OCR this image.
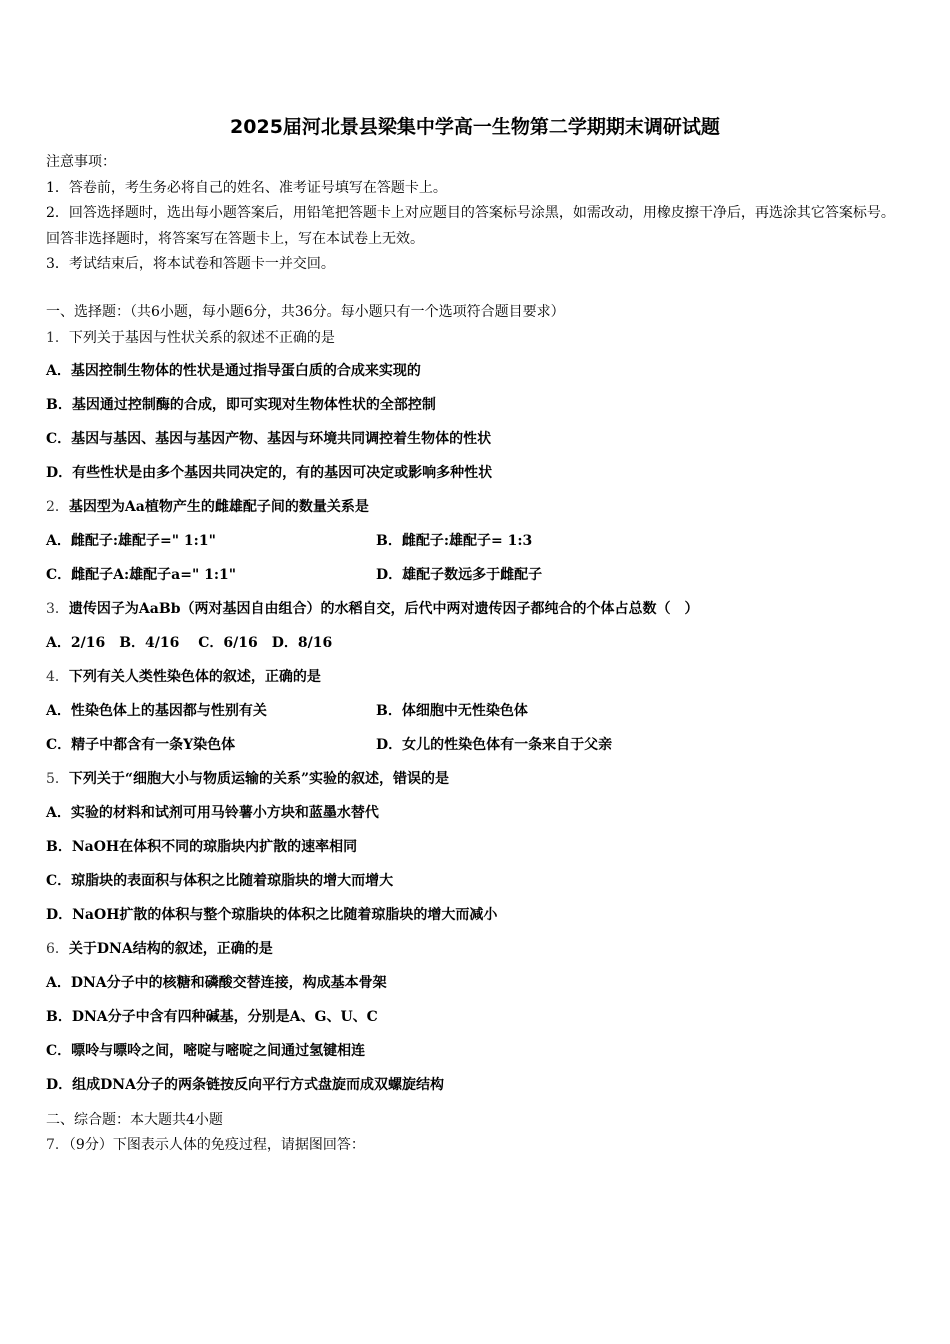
2025届河北景县梁集中学高一生物第二学期期末调研试题

注意事项：

1．答卷前，考生务必将自己的姓名、准考证号填写在答题卡上。

2．回答选择题时，选出每小题答案后，用铅笔把答题卡上对应题目的答案标号涂黑，如需改动，用橡皮擦干净后，再选涂其它答案标号。回答非选择题时，将答案写在答题卡上，写在本试卷上无效。

3．考试结束后，将本试卷和答题卡一并交回。

一、选择题：（共6小题，每小题6分，共36分。每小题只有一个选项符合题目要求）
1．下列关于基因与性状关系的叙述不正确的是
A．基因控制生物体的性状是通过指导蛋白质的合成来实现的
B．基因通过控制酶的合成，即可实现对生物体性状的全部控制
C．基因与基因、基因与基因产物、基因与环境共同调控着生物体的性状
D．有些性状是由多个基因共同决定的，有的基因可决定或影响多种性状
2．基因型为Aa植物产生的雌雄配子间的数量关系是
A．雌配子:雄配子=" 1:1"	B．雌配子:雄配子= 1:3
C．雌配子A:雄配子a=" 1:1"	D．雄配子数远多于雌配子
3．遗传因子为AaBb（两对基因自由组合）的水稻自交，后代中两对遗传因子都纯合的个体占总数（　）
A．2/16　B．4/16　 C．6/16　D．8/16
4．下列有关人类性染色体的叙述，正确的是
A．性染色体上的基因都与性别有关	B．体细胞中无性染色体
C．精子中都含有一条Y染色体	D．女儿的性染色体有一条来自于父亲
5．下列关于“细胞大小与物质运输的关系”实验的叙述，错误的是
A．实验的材料和试剂可用马铃薯小方块和蓝墨水替代
B．NaOH在体积不同的琼脂块内扩散的速率相同
C．琼脂块的表面积与体积之比随着琼脂块的增大而增大
D．NaOH扩散的体积与整个琼脂块的体积之比随着琼脂块的增大而减小
6．关于DNA结构的叙述，正确的是
A．DNA分子中的核糖和磷酸交替连接，构成基本骨架
B．DNA分子中含有四种碱基，分别是A、G、U、C
C．嘌呤与嘌呤之间，嘧啶与嘧啶之间通过氢键相连
D．组成DNA分子的两条链按反向平行方式盘旋而成双螺旋结构
二、综合题：本大题共4小题
7．（9分）下图表示人体的免疫过程，请据图回答：
